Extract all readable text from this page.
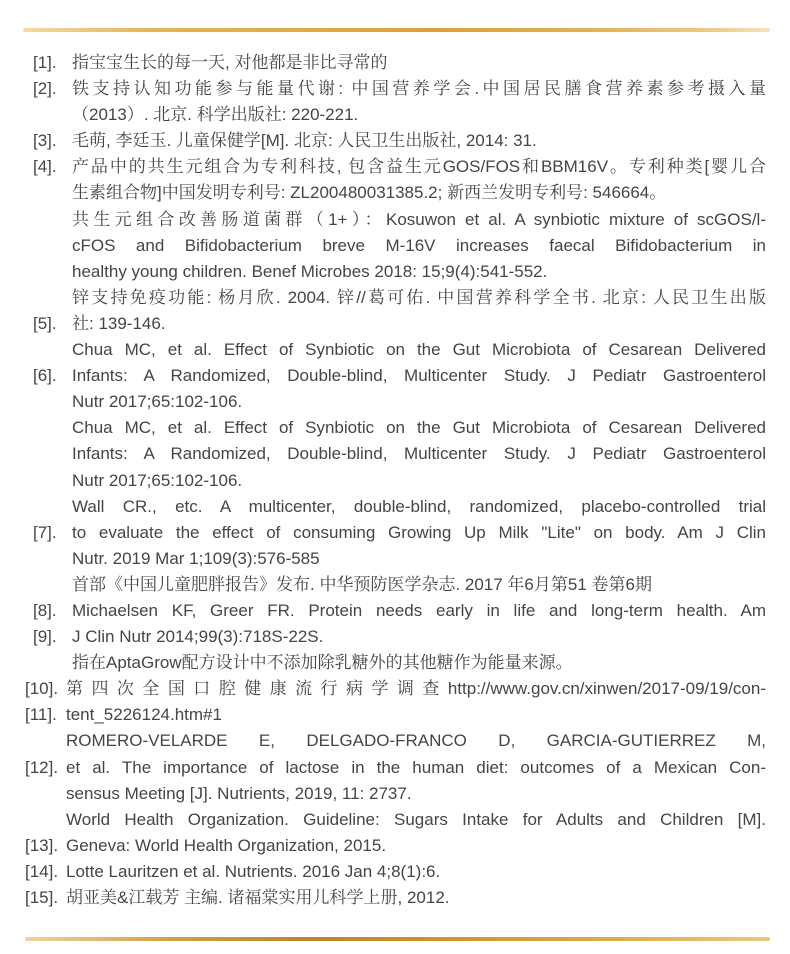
[1]. 指宝宝生长的每一天, 对他都是非比寻常的
[2]. 铁支持认知功能参与能量代谢: 中国营养学会.中国居民膳食营养素参考摄入量
（2013）. 北京. 科学出版社: 220-221.
[3]. 毛萌, 李廷玉. 儿童保健学[M]. 北京: 人民卫生出版社, 2014: 31.
[4]. 产品中的共生元组合为专利科技, 包含益生元GOS/FOS和BBM16V。专利种类[婴儿合
生素组合物]中国发明专利号: ZL200480031385.2; 新西兰发明专利号: 546664。
共生元组合改善肠道菌群（1+）：Kosuwon et al. A synbiotic mixture of scGOS/l-
cFOS and Bifidobacterium breve M-16V increases faecal Bifidobacterium in
healthy young children. Benef Microbes 2018: 15;9(4):541-552.
锌支持免疫功能: 杨月欣. 2004. 锌//葛可佑. 中国营养科学全书. 北京: 人民卫生出版
[5]. 社: 139-146.
Chua MC, et al. Effect of Synbiotic on the Gut Microbiota of Cesarean Delivered
[6]. Infants: A Randomized, Double-blind, Multicenter Study. J Pediatr Gastroenterol
Nutr 2017;65:102-106.
Chua MC, et al. Effect of Synbiotic on the Gut Microbiota of Cesarean Delivered
Infants: A Randomized, Double-blind, Multicenter Study. J Pediatr Gastroenterol
Nutr 2017;65:102-106.
Wall CR., etc. A multicenter, double-blind, randomized, placebo-controlled trial
[7]. to evaluate the effect of consuming Growing Up Milk "Lite" on body. Am J Clin
Nutr. 2019 Mar 1;109(3):576-585
首部《中国儿童肥胖报告》发布. 中华预防医学杂志. 2017 年6月第51 卷第6期
[8]. Michaelsen KF, Greer FR. Protein needs early in life and long-term health. Am
[9]. J Clin Nutr 2014;99(3):718S-22S.
指在AptaGrow配方设计中不添加除乳糖外的其他糖作为能量来源。
[10]. 第四次全国口腔健康流行病学调查http://www.gov.cn/xinwen/2017-09/19/con-
[11]. tent_5226124.htm#1
ROMERO-VELARDE E, DELGADO-FRANCO D, GARCIA-GUTIERREZ M,
[12]. et al. The importance of lactose in the human diet: outcomes of a Mexican Con-
sensus Meeting [J]. Nutrients, 2019, 11: 2737.
World Health Organization. Guideline: Sugars Intake for Adults and Children [M].
[13]. Geneva: World Health Organization, 2015.
[14]. Lotte Lauritzen et al. Nutrients. 2016 Jan 4;8(1):6.
[15]. 胡亚美&江载芳 主编. 诸福棠实用儿科学上册, 2012.
